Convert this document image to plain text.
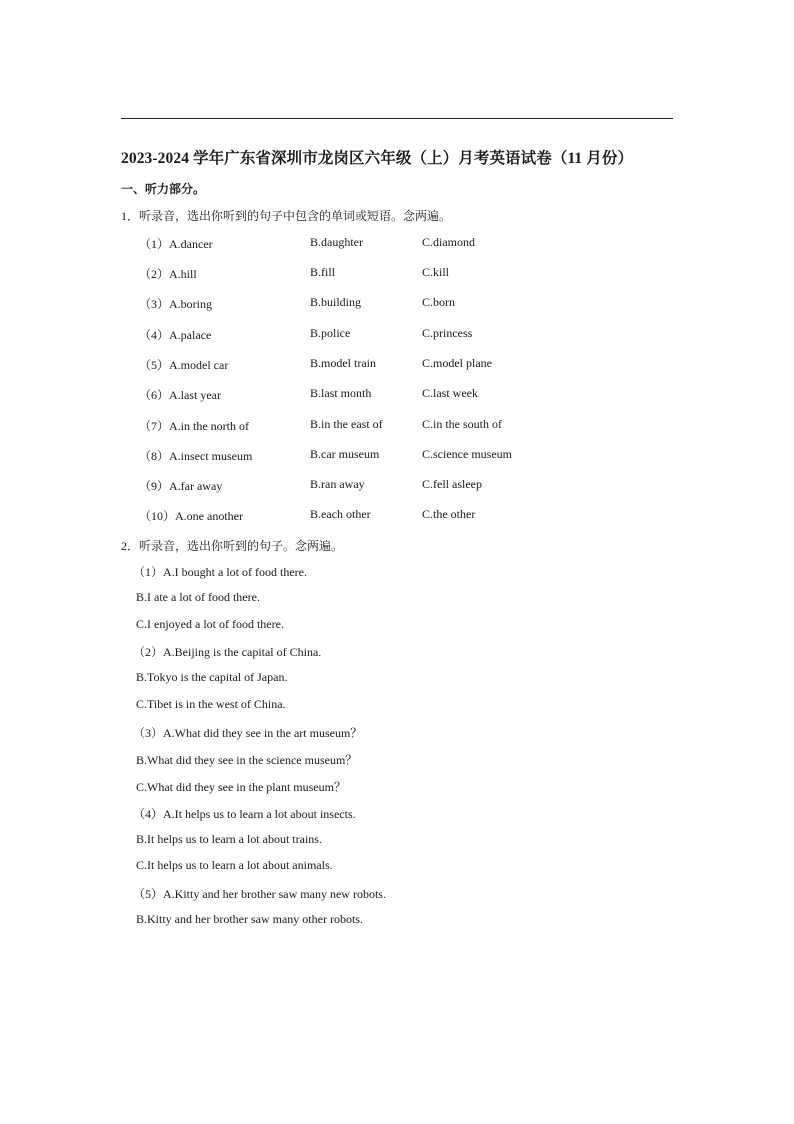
2023-2024 学年广东省深圳市龙岗区六年级（上）月考英语试卷（11 月份）
一、听力部分。
1．听录音，选出你听到的句子中包含的单词或短语。念两遍。
（1）A.dancer	B.daughter	C.diamond
（2）A.hill	B.fill	C.kill
（3）A.boring	B.building	C.born
（4）A.palace	B.police	C.princess
（5）A.model car	B.model train	C.model plane
（6）A.last year	B.last month	C.last week
（7）A.in the north of	B.in the east of	C.in the south of
（8）A.insect museum	B.car museum	C.science museum
（9）A.far away	B.ran away	C.fell asleep
（10）A.one another	B.each other	C.the other
2．听录音，选出你听到的句子。念两遍。
（1）A.I bought a lot of food there.
B.I ate a lot of food there.
C.I enjoyed a lot of food there.
（2）A.Beijing is the capital of China.
B.Tokyo is the capital of Japan.
C.Tibet is in the west of China.
（3）A.What did they see in the art museum？
B.What did they see in the science museum？
C.What did they see in the plant museum？
（4）A.It helps us to learn a lot about insects.
B.It helps us to learn a lot about trains.
C.It helps us to learn a lot about animals.
（5）A.Kitty and her brother saw many new robots.
B.Kitty and her brother saw many other robots.
